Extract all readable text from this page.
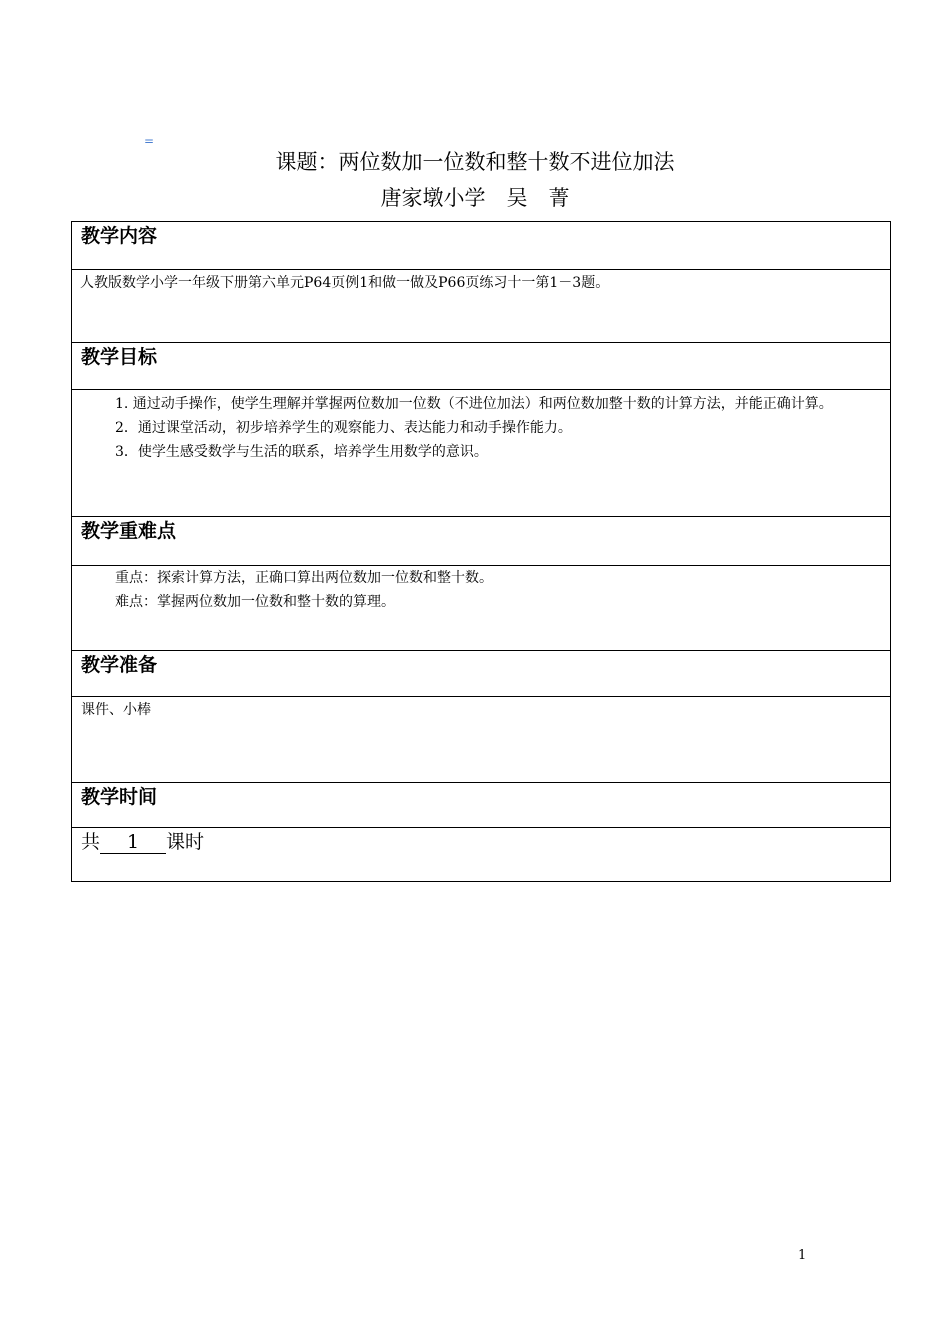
=
课题：两位数加一位数和整十数不进位加法
唐家墩小学　吴　菁
教学内容
人教版数学小学一年级下册第六单元P64页例1和做一做及P66页练习十一第1－3题。
教学目标

1. 通过动手操作，使学生理解并掌握两位数加一位数（不进位加法）和两位数加整十数的计算方法，并能正确计算。

2．通过课堂活动，初步培养学生的观察能力、表达能力和动手操作能力。

3．使学生感受数学与生活的联系，培养学生用数学的意识。

教学重难点

重点：探索计算方法，正确口算出两位数加一位数和整十数。

难点：掌握两位数加一位数和整十数的算理。

教学准备
课件、小棒
教学时间
共 1 课时
1
